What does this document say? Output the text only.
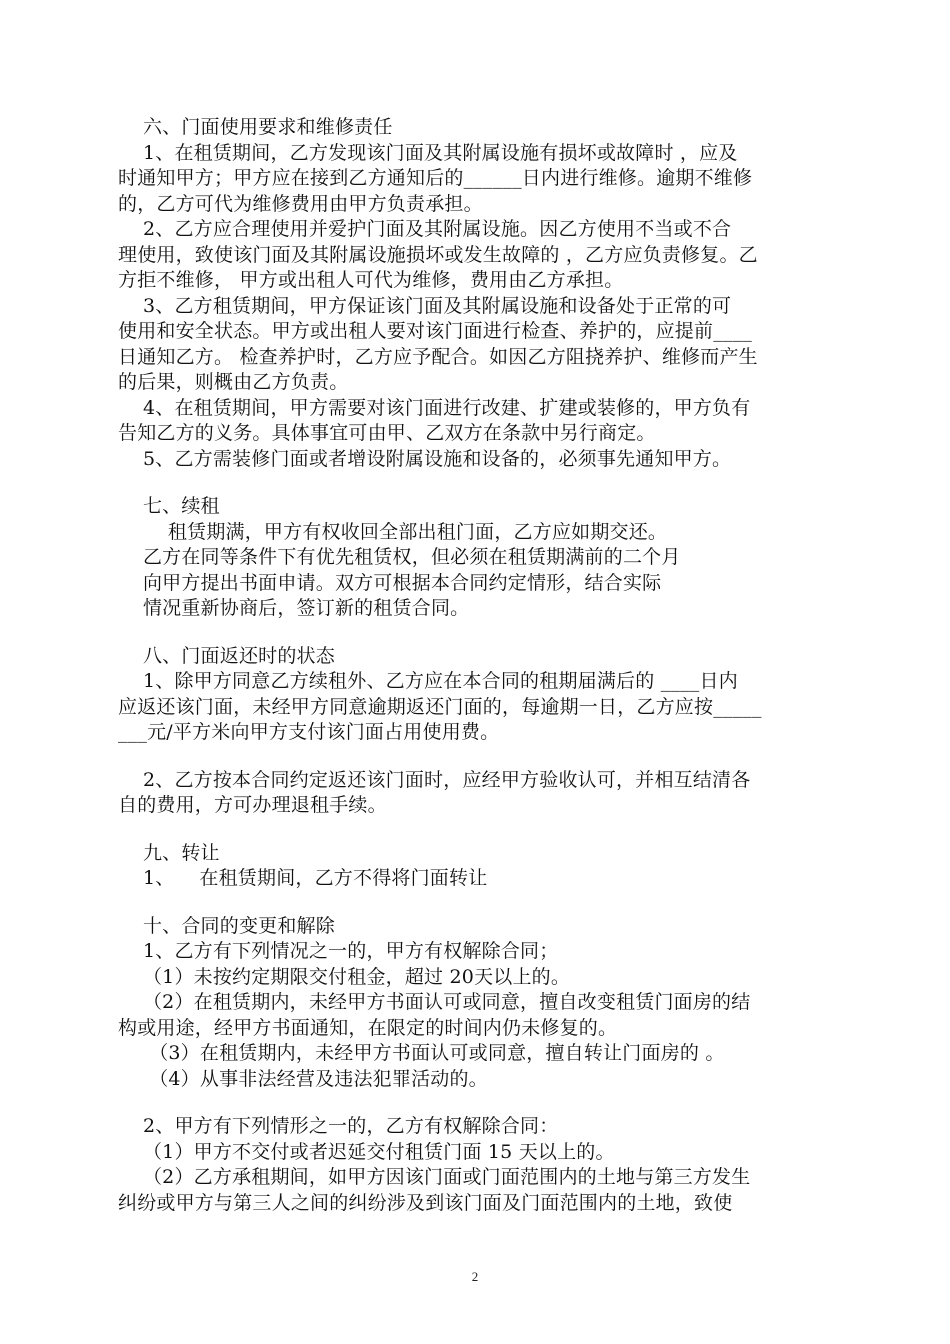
六、门面使用要求和维修责任
1、在租赁期间，乙方发现该门面及其附属设施有损坏或故障时 ，应及
时通知甲方；甲方应在接到乙方通知后的______日内进行维修。逾期不维修
的，乙方可代为维修费用由甲方负责承担。
2、乙方应合理使用并爱护门面及其附属设施。因乙方使用不当或不合
理使用，致使该门面及其附属设施损坏或发生故障的 ，乙方应负责修复。乙
方拒不维修， 甲方或出租人可代为维修，费用由乙方承担。
3、乙方租赁期间，甲方保证该门面及其附属设施和设备处于正常的可
使用和安全状态。甲方或出租人要对该门面进行检查、养护的，应提前____
日通知乙方。 检查养护时，乙方应予配合。如因乙方阻挠养护、维修而产生
的后果，则概由乙方负责。
4、在租赁期间，甲方需要对该门面进行改建、扩建或装修的，甲方负有
告知乙方的义务。具体事宜可由甲、乙双方在条款中另行商定。
5、乙方需装修门面或者增设附属设施和设备的，必须事先通知甲方。
七、续租
租赁期满，甲方有权收回全部出租门面，乙方应如期交还。
乙方在同等条件下有优先租赁权，但必须在租赁期满前的二个月
向甲方提出书面申请。双方可根据本合同约定情形，结合实际
情况重新协商后，签订新的租赁合同。
八、门面返还时的状态
1、除甲方同意乙方续租外、乙方应在本合同的租期届满后的 ____日内
应返还该门面，未经甲方同意逾期返还门面的，每逾期一日，乙方应按_____
___元/平方米向甲方支付该门面占用使用费。
2、乙方按本合同约定返还该门面时，应经甲方验收认可，并相互结清各
自的费用，方可办理退租手续。
九、转让
1、    在租赁期间，乙方不得将门面转让
十、合同的变更和解除
1、乙方有下列情况之一的，甲方有权解除合同；
（1）未按约定期限交付租金，超过 20天以上的。
（2）在租赁期内，未经甲方书面认可或同意，擅自改变租赁门面房的结
构或用途，经甲方书面通知，在限定的时间内仍未修复的。
（3）在租赁期内，未经甲方书面认可或同意，擅自转让门面房的 。
（4）从事非法经营及违法犯罪活动的。
2、甲方有下列情形之一的，乙方有权解除合同：
（1）甲方不交付或者迟延交付租赁门面 15 天以上的。
（2）乙方承租期间，如甲方因该门面或门面范围内的土地与第三方发生
纠纷或甲方与第三人之间的纠纷涉及到该门面及门面范围内的土地，致使
2
